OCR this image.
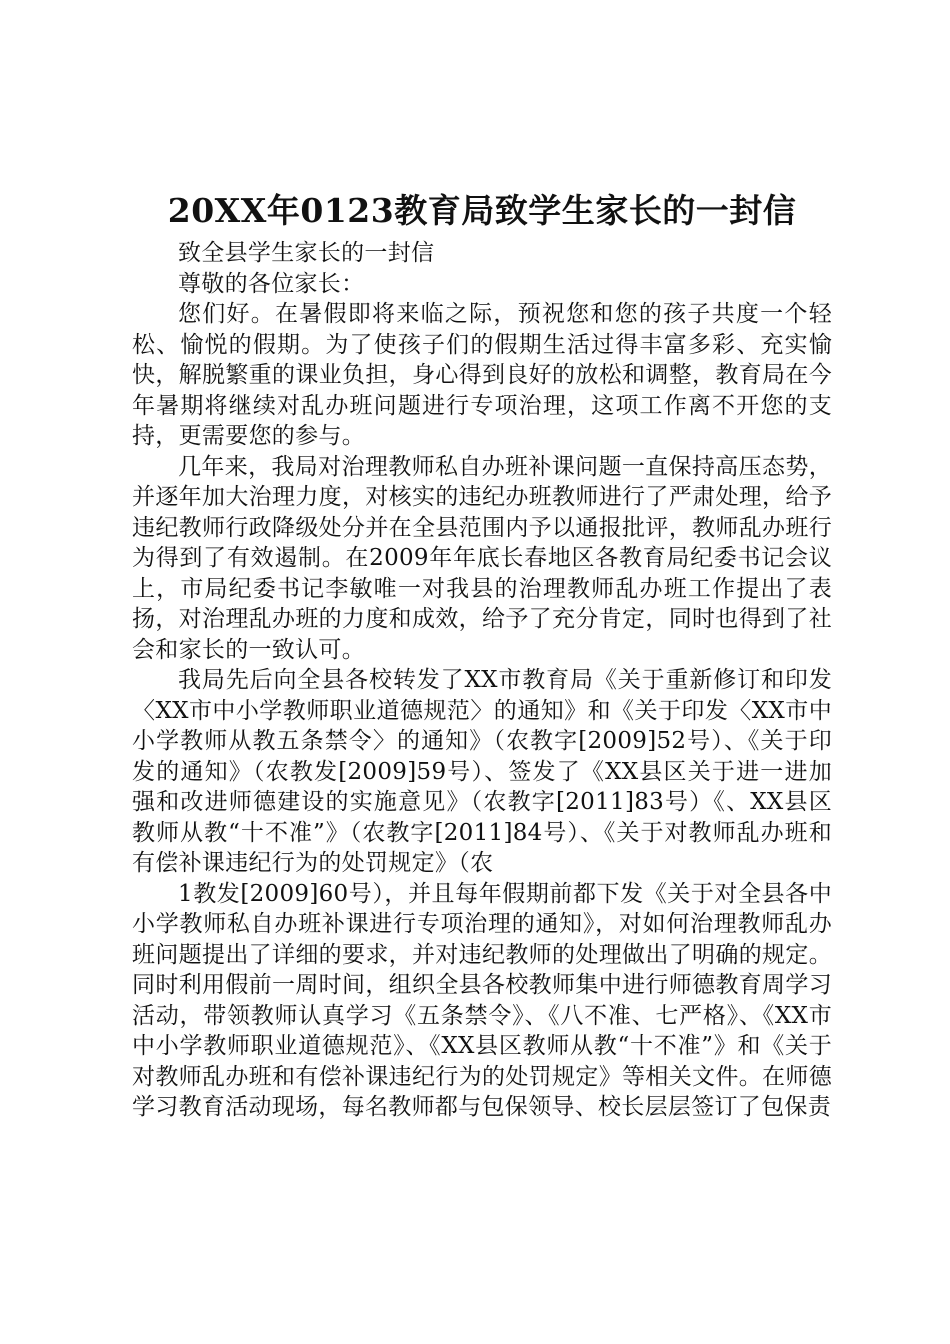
20XX年0123教育局致学生家长的一封信

致全县学生家长的一封信

尊敬的各位家长：

您们好。在暑假即将来临之际，预祝您和您的孩子共度一个轻松、愉悦的假期。为了使孩子们的假期生活过得丰富多彩、充实愉快，解脱繁重的课业负担，身心得到良好的放松和调整，教育局在今年暑期将继续对乱办班问题进行专项治理，这项工作离不开您的支持，更需要您的参与。

几年来，我局对治理教师私自办班补课问题一直保持高压态势，并逐年加大治理力度，对核实的违纪办班教师进行了严肃处理，给予违纪教师行政降级处分并在全县范围内予以通报批评，教师乱办班行为得到了有效遏制。在2009年年底长春地区各教育局纪委书记会议上，市局纪委书记李敏唯一对我县的治理教师乱办班工作提出了表扬，对治理乱办班的力度和成效，给予了充分肯定，同时也得到了社会和家长的一致认可。

我局先后向全县各校转发了XX市教育局《关于重新修订和印发〈XX市中小学教师职业道德规范〉的通知》和《关于印发〈XX市中小学教师从教五条禁令〉的通知》（农教字[2009]52号）、《关于印发的通知》（农教发[2009]59号）、签发了《XX县区关于进一进加强和改进师德建设的实施意见》（农教字[2011]83号）《、XX县区教师从教“十不准”》（农教字[2011]84号）、《关于对教师乱办班和有偿补课违纪行为的处罚规定》（农

1教发[2009]60号），并且每年假期前都下发《关于对全县各中小学教师私自办班补课进行专项治理的通知》，对如何治理教师乱办班问题提出了详细的要求，并对违纪教师的处理做出了明确的规定。同时利用假前一周时间，组织全县各校教师集中进行师德教育周学习活动，带领教师认真学习《五条禁令》、《八不准、七严格》、《XX市中小学教师职业道德规范》、《XX县区教师从教“十不准”》和《关于对教师乱办班和有偿补课违纪行为的处罚规定》等相关文件。在师德学习教育活动现场，每名教师都与包保领导、校长层层签订了包保责
